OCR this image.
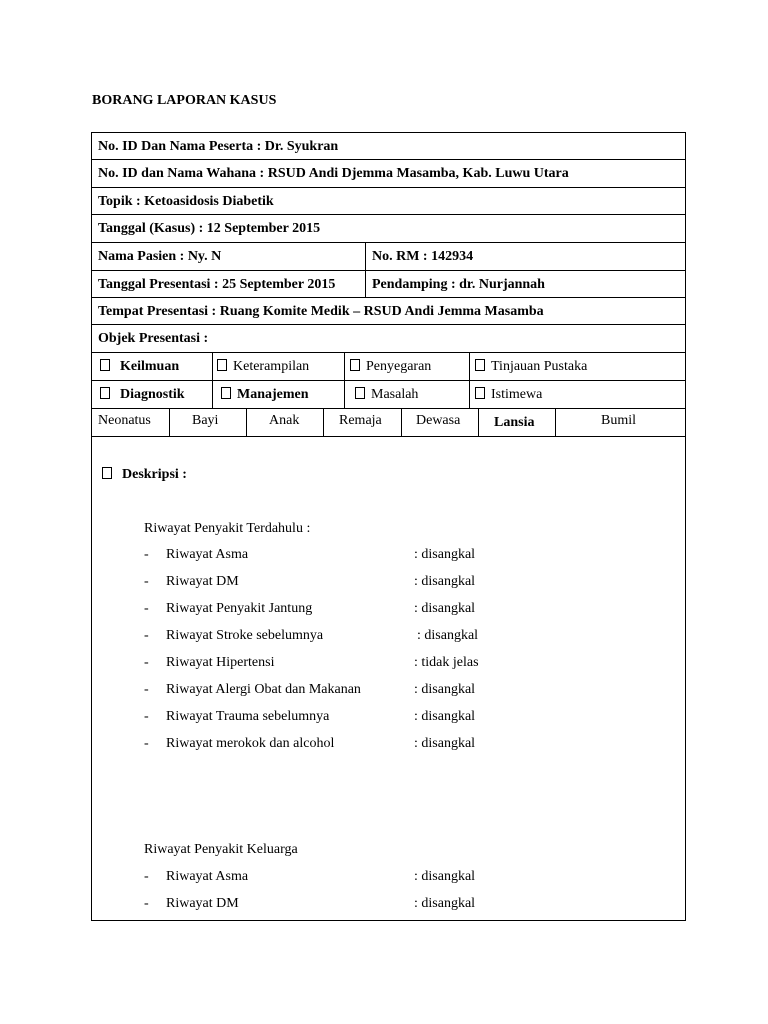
BORANG LAPORAN KASUS
No. ID Dan Nama Peserta : Dr. Syukran
No. ID dan Nama Wahana : RSUD Andi Djemma Masamba, Kab. Luwu Utara
Topik : Ketoasidosis Diabetik
Tanggal (Kasus) : 12 September 2015
Nama Pasien : Ny. N	No. RM : 142934
Tanggal Presentasi : 25 September 2015	Pendamping : dr. Nurjannah
Tempat Presentasi : Ruang Komite Medik – RSUD Andi Jemma Masamba
Objek Presentasi :
Keilmuan	Keterampilan	Penyegaran	Tinjauan Pustaka
Diagnostik	Manajemen	Masalah	Istimewa
Neonatus	Bayi	Anak	Remaja	Dewasa	Lansia	Bumil
Deskripsi :
Riwayat Penyakit Terdahulu :
- Riwayat Asma	: disangkal
- Riwayat DM	: disangkal
- Riwayat Penyakit Jantung	: disangkal
- Riwayat Stroke sebelumnya	: disangkal
- Riwayat Hipertensi	: tidak jelas
- Riwayat Alergi Obat dan Makanan	: disangkal
- Riwayat Trauma sebelumnya	: disangkal
- Riwayat merokok dan alcohol	: disangkal
Riwayat Penyakit Keluarga
- Riwayat Asma	: disangkal
- Riwayat DM	: disangkal
